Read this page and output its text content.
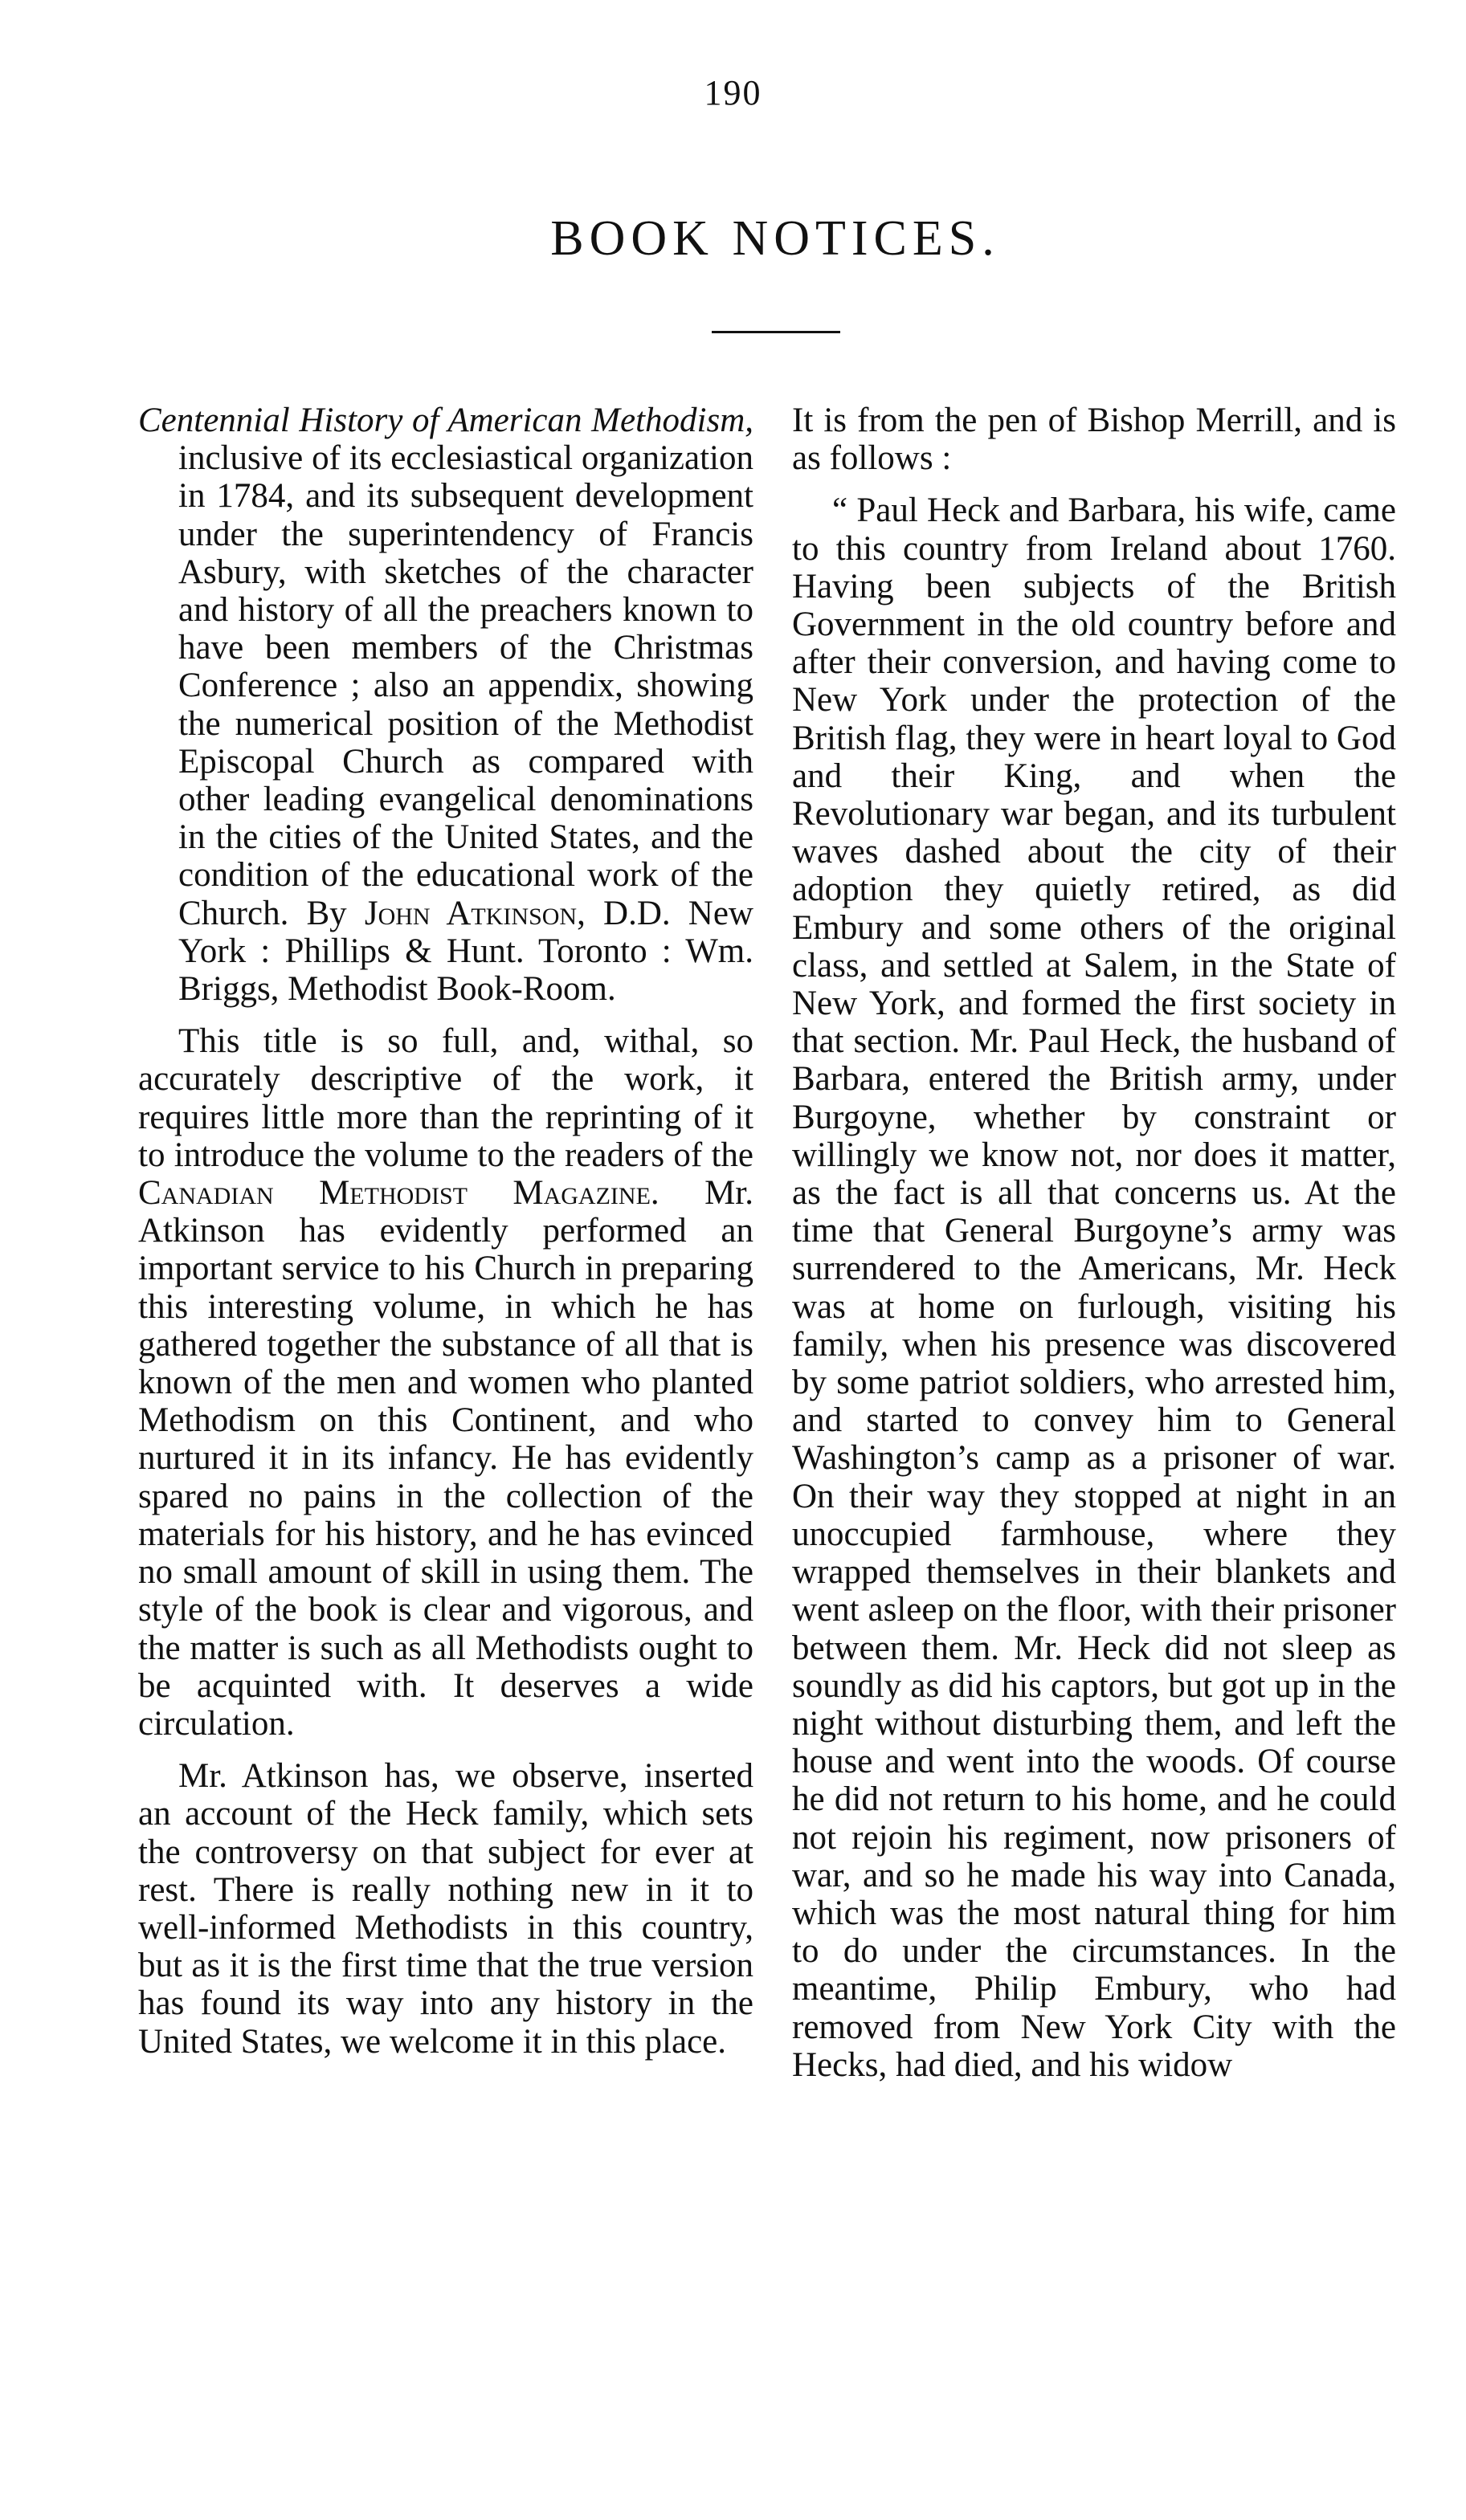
190
BOOK NOTICES.

Centennial History of American Methodism, inclusive of its ecclesiastical organization in 1784, and its subsequent development under the superintendency of Francis Asbury, with sketches of the character and history of all the preachers known to have been members of the Christmas Conference ; also an appendix, showing the numerical position of the Methodist Episcopal Church as compared with other leading evangelical denominations in the cities of the United States, and the condition of the educational work of the Church. By John Atkinson, D.D. New York : Phillips & Hunt. Toronto : Wm. Briggs, Methodist Book-Room.

This title is so full, and, withal, so accurately descriptive of the work, it requires little more than the reprinting of it to introduce the volume to the readers of the Canadian Methodist Magazine. Mr. Atkinson has evidently performed an important service to his Church in preparing this interesting volume, in which he has gathered together the substance of all that is known of the men and women who planted Methodism on this Continent, and who nurtured it in its infancy. He has evidently spared no pains in the collection of the materials for his history, and he has evinced no small amount of skill in using them. The style of the book is clear and vigorous, and the matter is such as all Methodists ought to be acquinted with. It deserves a wide circulation.

Mr. Atkinson has, we observe, inserted an account of the Heck family, which sets the controversy on that subject for ever at rest. There is really nothing new in it to well-informed Methodists in this country, but as it is the first time that the true version has found its way into any history in the United States, we welcome it in this place.

It is from the pen of Bishop Merrill, and is as follows :

“ Paul Heck and Barbara, his wife, came to this country from Ireland about 1760. Having been subjects of the British Government in the old country before and after their conversion, and having come to New York under the protection of the British flag, they were in heart loyal to God and their King, and when the Revolutionary war began, and its turbulent waves dashed about the city of their adoption they quietly retired, as did Embury and some others of the original class, and settled at Salem, in the State of New York, and formed the first society in that section. Mr. Paul Heck, the husband of Barbara, entered the British army, under Burgoyne, whether by constraint or willingly we know not, nor does it matter, as the fact is all that concerns us. At the time that General Burgoyne’s army was surrendered to the Americans, Mr. Heck was at home on furlough, visiting his family, when his presence was discovered by some patriot soldiers, who arrested him, and started to convey him to General Washington’s camp as a prisoner of war. On their way they stopped at night in an unoccupied farmhouse, where they wrapped themselves in their blankets and went asleep on the floor, with their prisoner between them. Mr. Heck did not sleep as soundly as did his captors, but got up in the night without disturbing them, and left the house and went into the woods. Of course he did not return to his home, and he could not rejoin his regiment, now prisoners of war, and so he made his way into Canada, which was the most natural thing for him to do under the circumstances. In the meantime, Philip Embury, who had removed from New York City with the Hecks, had died, and his widow
